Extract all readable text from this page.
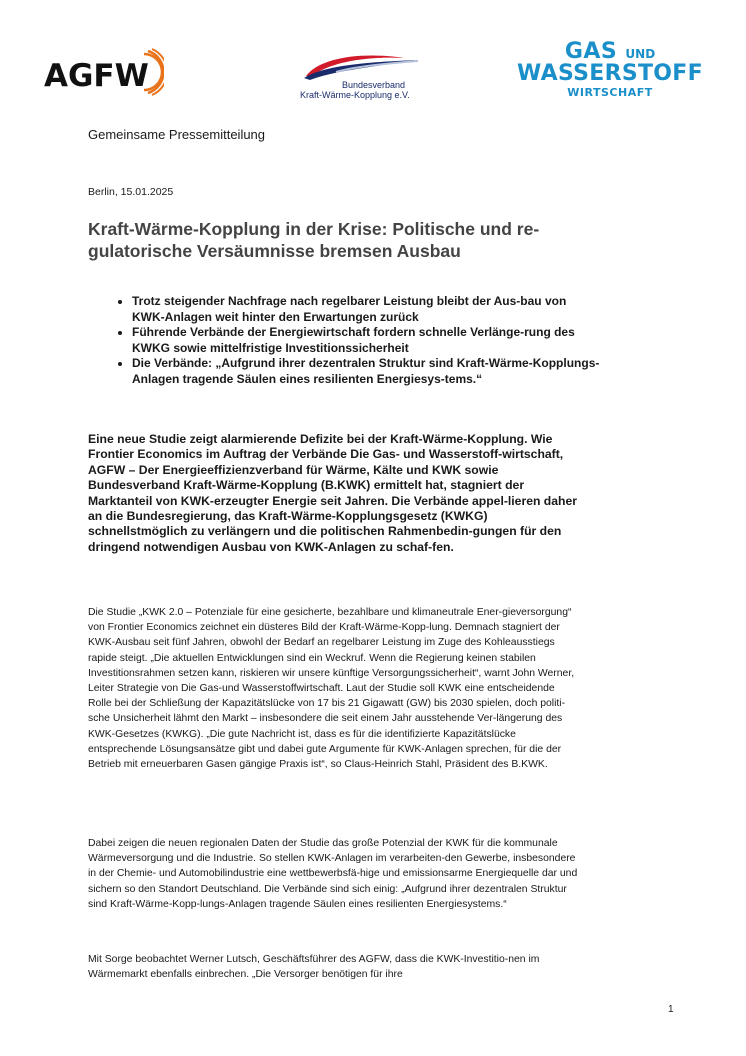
AGFW	Bundesverband
Kraft-Wärme-Kopplung e.V.
GAS UND
WASSERSTOFF
WIRTSCHAFT
Gemeinsame Pressemitteilung
Berlin, 15.01.2025
Kraft-Wärme-Kopplung in der Krise: Politische und re-gulatorische Versäumnisse bremsen Ausbau
• Trotz steigender Nachfrage nach regelbarer Leistung bleibt der Aus-bau von KWK-Anlagen weit hinter den Erwartungen zurück
• Führende Verbände der Energiewirtschaft fordern schnelle Verlänge-rung des KWKG sowie mittelfristige Investitionssicherheit
• Die Verbände: „Aufgrund ihrer dezentralen Struktur sind Kraft-Wärme-Kopplungs-Anlagen tragende Säulen eines resilienten Energiesys-tems.“

Eine neue Studie zeigt alarmierende Defizite bei der Kraft-Wärme-Kopplung. Wie Frontier Economics im Auftrag der Verbände Die Gas- und Wasserstoff-wirtschaft, AGFW – Der Energieeffizienzverband für Wärme, Kälte und KWK sowie Bundesverband Kraft-Wärme-Kopplung (B.KWK) ermittelt hat, stagniert der Marktanteil von KWK-erzeugter Energie seit Jahren. Die Verbände appel-lieren daher an die Bundesregierung, das Kraft-Wärme-Kopplungsgesetz (KWKG) schnellstmöglich zu verlängern und die politischen Rahmenbedin-gungen für den dringend notwendigen Ausbau von KWK-Anlagen zu schaf-fen.

Die Studie „KWK 2.0 – Potenziale für eine gesicherte, bezahlbare und klimaneutrale Ener-gieversorgung“ von Frontier Economics zeichnet ein düsteres Bild der Kraft-Wärme-Kopp-lung. Demnach stagniert der KWK-Ausbau seit fünf Jahren, obwohl der Bedarf an regelbarer Leistung im Zuge des Kohleausstiegs rapide steigt. „Die aktuellen Entwicklungen sind ein Weckruf. Wenn die Regierung keinen stabilen Investitionsrahmen setzen kann, riskieren wir unsere künftige Versorgungssicherheit“, warnt John Werner, Leiter Strategie von Die Gas-und Wasserstoffwirtschaft. Laut der Studie soll KWK eine entscheidende Rolle bei der Schließung der Kapazitätslücke von 17 bis 21 Gigawatt (GW) bis 2030 spielen, doch politi-sche Unsicherheit lähmt den Markt – insbesondere die seit einem Jahr ausstehende Ver-längerung des KWK-Gesetzes (KWKG). „Die gute Nachricht ist, dass es für die identifizierte Kapazitätslücke entsprechende Lösungsansätze gibt und dabei gute Argumente für KWK-Anlagen sprechen, für die der Betrieb mit erneuerbaren Gasen gängige Praxis ist“, so Claus-Heinrich Stahl, Präsident des B.KWK.

Dabei zeigen die neuen regionalen Daten der Studie das große Potenzial der KWK für die kommunale Wärmeversorgung und die Industrie. So stellen KWK-Anlagen im verarbeiten-den Gewerbe, insbesondere in der Chemie- und Automobilindustrie eine wettbewerbsfä-hige und emissionsarme Energiequelle dar und sichern so den Standort Deutschland. Die Verbände sind sich einig: „Aufgrund ihrer dezentralen Struktur sind Kraft-Wärme-Kopp-lungs-Anlagen tragende Säulen eines resilienten Energiesystems.“

Mit Sorge beobachtet Werner Lutsch, Geschäftsführer des AGFW, dass die KWK-Investitio-nen im Wärmemarkt ebenfalls einbrechen. „Die Versorger benötigen für ihre

1
